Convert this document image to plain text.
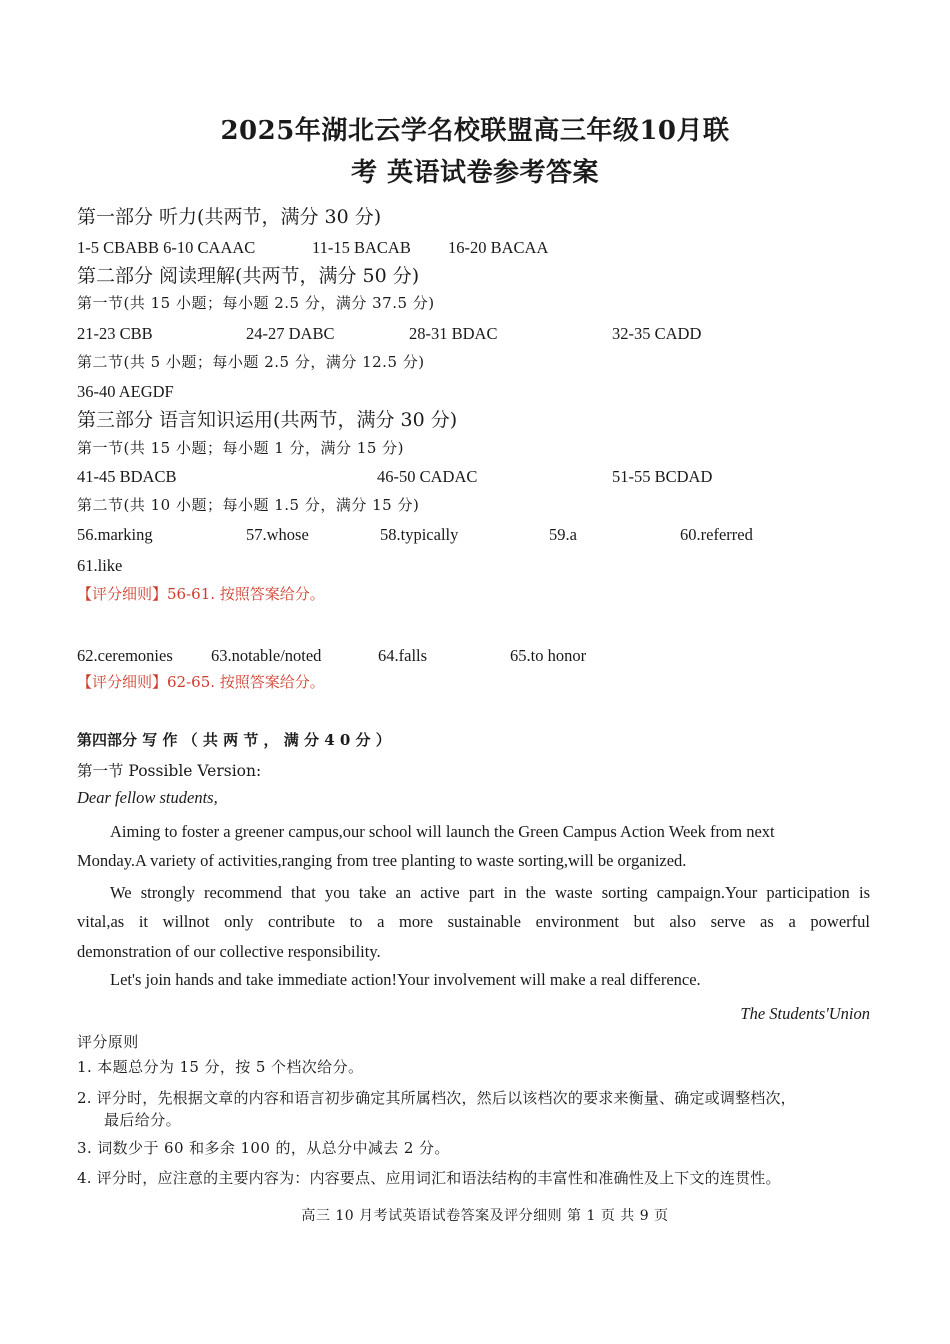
2025年湖北云学名校联盟高三年级10月联
考 英语试卷参考答案
第一部分 听力(共两节，满分 30 分)
1-5 CBABB 6-10 CAAAC	11-15 BACAB 16-20 BACAA
第二部分 阅读理解(共两节，满分 50 分)
第一节(共 15 小题；每小题 2.5 分，满分 37.5 分)
21-23 CBB	24-27 DABC	28-31 BDAC	32-35 CADD
第二节(共 5 小题；每小题 2.5 分，满分 12.5 分)
36-40 AEGDF
第三部分 语言知识运用(共两节，满分 30 分)
第一节(共 15 小题；每小题 1 分，满分 15 分)
41-45 BDACB	46-50 CADAC	51-55 BCDAD
第二节(共 10 小题；每小题 1.5 分，满分 15 分)
56.marking	57.whose	58.typically	59.a	60.referred
61.like
【评分细则】56-61. 按照答案给分。
62.ceremonies 63.notable/noted	64.falls	65.to honor
【评分细则】62-65. 按照答案给分。
第四部分 写 作 （ 共 两 节 ， 满 分 4 0 分 ）
第一节 Possible Version:
Dear fellow students,
Aiming to foster a greener campus,our school will launch the Green Campus Action Week from next
Monday.A variety of activities,ranging from tree planting to waste sorting,will be organized.
We strongly recommend that you take an active part in the waste sorting campaign.Your participation is
vital,as it willnot only contribute to a more sustainable environment but also serve as a powerful
demonstration of our collective responsibility.
Let's join hands and take immediate action!Your involvement will make a real difference.
The Students'Union
评分原则
1. 本题总分为 15 分，按 5 个档次给分。
2. 评分时，先根据文章的内容和语言初步确定其所属档次，然后以该档次的要求来衡量、确定或调整档次，
最后给分。
3. 词数少于 60 和多余 100 的，从总分中减去 2 分。
4. 评分时，应注意的主要内容为：内容要点、应用词汇和语法结构的丰富性和准确性及上下文的连贯性。
高三 10 月考试英语试卷答案及评分细则 第 1 页 共 9 页
